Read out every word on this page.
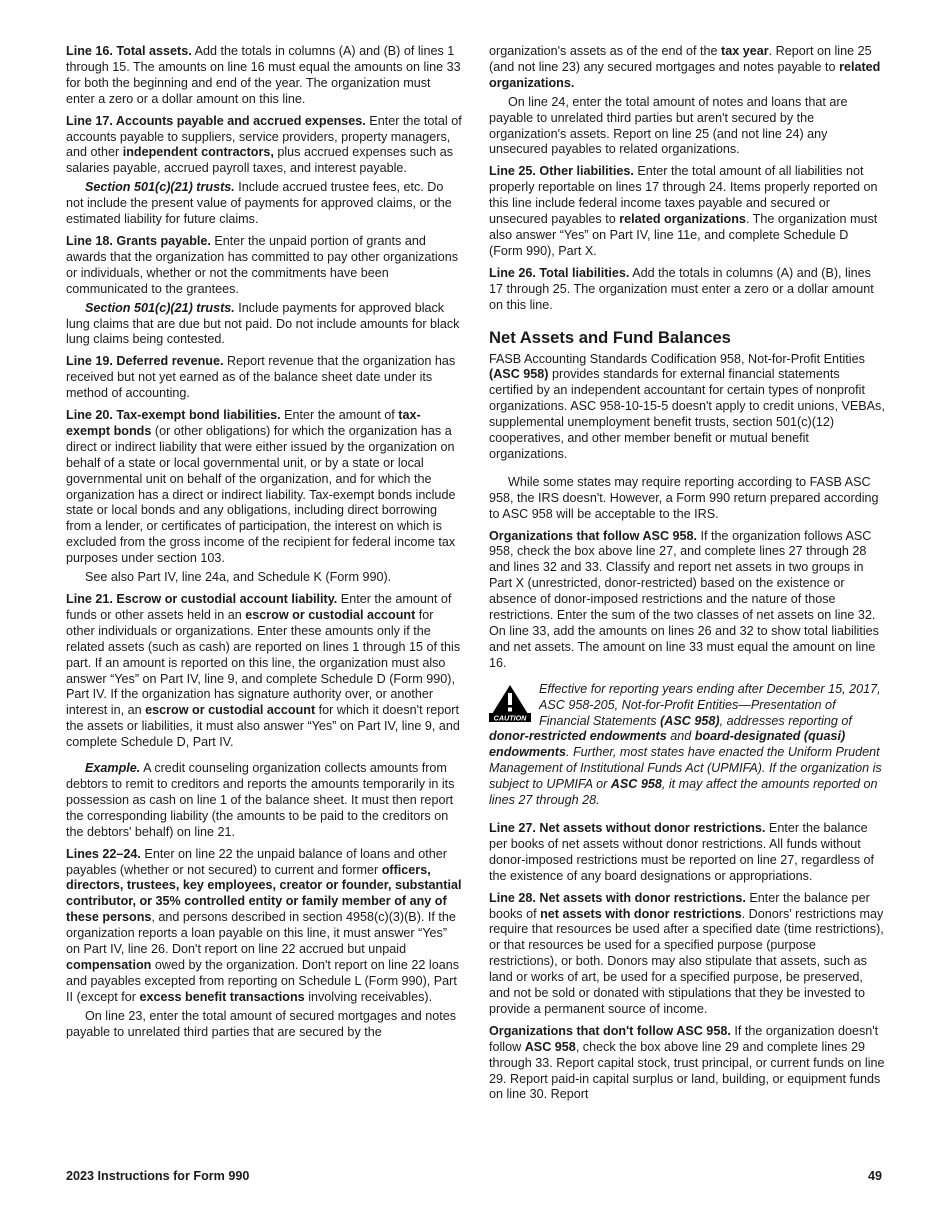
Line 16. Total assets. Add the totals in columns (A) and (B) of lines 1 through 15. The amounts on line 16 must equal the amounts on line 33 for both the beginning and end of the year. The organization must enter a zero or a dollar amount on this line.

Line 17. Accounts payable and accrued expenses. Enter the total of accounts payable to suppliers, service providers, property managers, and other independent contractors, plus accrued expenses such as salaries payable, accrued payroll taxes, and interest payable.

Section 501(c)(21) trusts. Include accrued trustee fees, etc. Do not include the present value of payments for approved claims, or the estimated liability for future claims.

Line 18. Grants payable. Enter the unpaid portion of grants and awards that the organization has committed to pay other organizations or individuals, whether or not the commitments have been communicated to the grantees.

Section 501(c)(21) trusts. Include payments for approved black lung claims that are due but not paid. Do not include amounts for black lung claims being contested.

Line 19. Deferred revenue. Report revenue that the organization has received but not yet earned as of the balance sheet date under its method of accounting.

Line 20. Tax-exempt bond liabilities. Enter the amount of tax-exempt bonds (or other obligations) for which the organization has a direct or indirect liability that were either issued by the organization on behalf of a state or local governmental unit, or by a state or local governmental unit on behalf of the organization, and for which the organization has a direct or indirect liability. Tax-exempt bonds include state or local bonds and any obligations, including direct borrowing from a lender, or certificates of participation, the interest on which is excluded from the gross income of the recipient for federal income tax purposes under section 103.

See also Part IV, line 24a, and Schedule K (Form 990).

Line 21. Escrow or custodial account liability. Enter the amount of funds or other assets held in an escrow or custodial account for other individuals or organizations. Enter these amounts only if the related assets (such as cash) are reported on lines 1 through 15 of this part. If an amount is reported on this line, the organization must also answer “Yes” on Part IV, line 9, and complete Schedule D (Form 990), Part IV. If the organization has signature authority over, or another interest in, an escrow or custodial account for which it doesn't report the assets or liabilities, it must also answer “Yes” on Part IV, line 9, and complete Schedule D, Part IV.

Example. A credit counseling organization collects amounts from debtors to remit to creditors and reports the amounts temporarily in its possession as cash on line 1 of the balance sheet. It must then report the corresponding liability (the amounts to be paid to the creditors on the debtors' behalf) on line 21.

Lines 22–24. Enter on line 22 the unpaid balance of loans and other payables (whether or not secured) to current and former officers, directors, trustees, key employees, creator or founder, substantial contributor, or 35% controlled entity or family member of any of these persons, and persons described in section 4958(c)(3)(B). If the organization reports a loan payable on this line, it must answer “Yes” on Part IV, line 26. Don't report on line 22 accrued but unpaid compensation owed by the organization. Don't report on line 22 loans and payables excepted from reporting on Schedule L (Form 990), Part II (except for excess benefit transactions involving receivables).

On line 23, enter the total amount of secured mortgages and notes payable to unrelated third parties that are secured by the

organization's assets as of the end of the tax year. Report on line 25 (and not line 23) any secured mortgages and notes payable to related organizations.

On line 24, enter the total amount of notes and loans that are payable to unrelated third parties but aren't secured by the organization's assets. Report on line 25 (and not line 24) any unsecured payables to related organizations.

Line 25. Other liabilities. Enter the total amount of all liabilities not properly reportable on lines 17 through 24. Items properly reported on this line include federal income taxes payable and secured or unsecured payables to related organizations. The organization must also answer “Yes” on Part IV, line 11e, and complete Schedule D (Form 990), Part X.

Line 26. Total liabilities. Add the totals in columns (A) and (B), lines 17 through 25. The organization must enter a zero or a dollar amount on this line.

Net Assets and Fund Balances

FASB Accounting Standards Codification 958, Not-for-Profit Entities (ASC 958) provides standards for external financial statements certified by an independent accountant for certain types of nonprofit organizations. ASC 958-10-15-5 doesn't apply to credit unions, VEBAs, supplemental unemployment benefit trusts, section 501(c)(12) cooperatives, and other member benefit or mutual benefit organizations.

While some states may require reporting according to FASB ASC 958, the IRS doesn't. However, a Form 990 return prepared according to ASC 958 will be acceptable to the IRS.

Organizations that follow ASC 958. If the organization follows ASC 958, check the box above line 27, and complete lines 27 through 28 and lines 32 and 33. Classify and report net assets in two groups in Part X (unrestricted, donor-restricted) based on the existence or absence of donor-imposed restrictions and the nature of those restrictions. Enter the sum of the two classes of net assets on line 32. On line 33, add the amounts on lines 26 and 32 to show total liabilities and net assets. The amount on line 33 must equal the amount on line 16.

CAUTION
Effective for reporting years ending after December 15, 2017, ASC 958-205, Not-for-Profit Entities—Presentation of Financial Statements (ASC 958), addresses reporting of donor-restricted endowments and board-designated (quasi) endowments. Further, most states have enacted the Uniform Prudent Management of Institutional Funds Act (UPMIFA). If the organization is subject to UPMIFA or ASC 958, it may affect the amounts reported on lines 27 through 28.

Line 27. Net assets without donor restrictions. Enter the balance per books of net assets without donor restrictions. All funds without donor-imposed restrictions must be reported on line 27, regardless of the existence of any board designations or appropriations.

Line 28. Net assets with donor restrictions. Enter the balance per books of net assets with donor restrictions. Donors' restrictions may require that resources be used after a specified date (time restrictions), or that resources be used for a specified purpose (purpose restrictions), or both. Donors may also stipulate that assets, such as land or works of art, be used for a specified purpose, be preserved, and not be sold or donated with stipulations that they be invested to provide a permanent source of income.

Organizations that don't follow ASC 958. If the organization doesn't follow ASC 958, check the box above line 29 and complete lines 29 through 33. Report capital stock, trust principal, or current funds on line 29. Report paid-in capital surplus or land, building, or equipment funds on line 30. Report

2023 Instructions for Form 990	49
